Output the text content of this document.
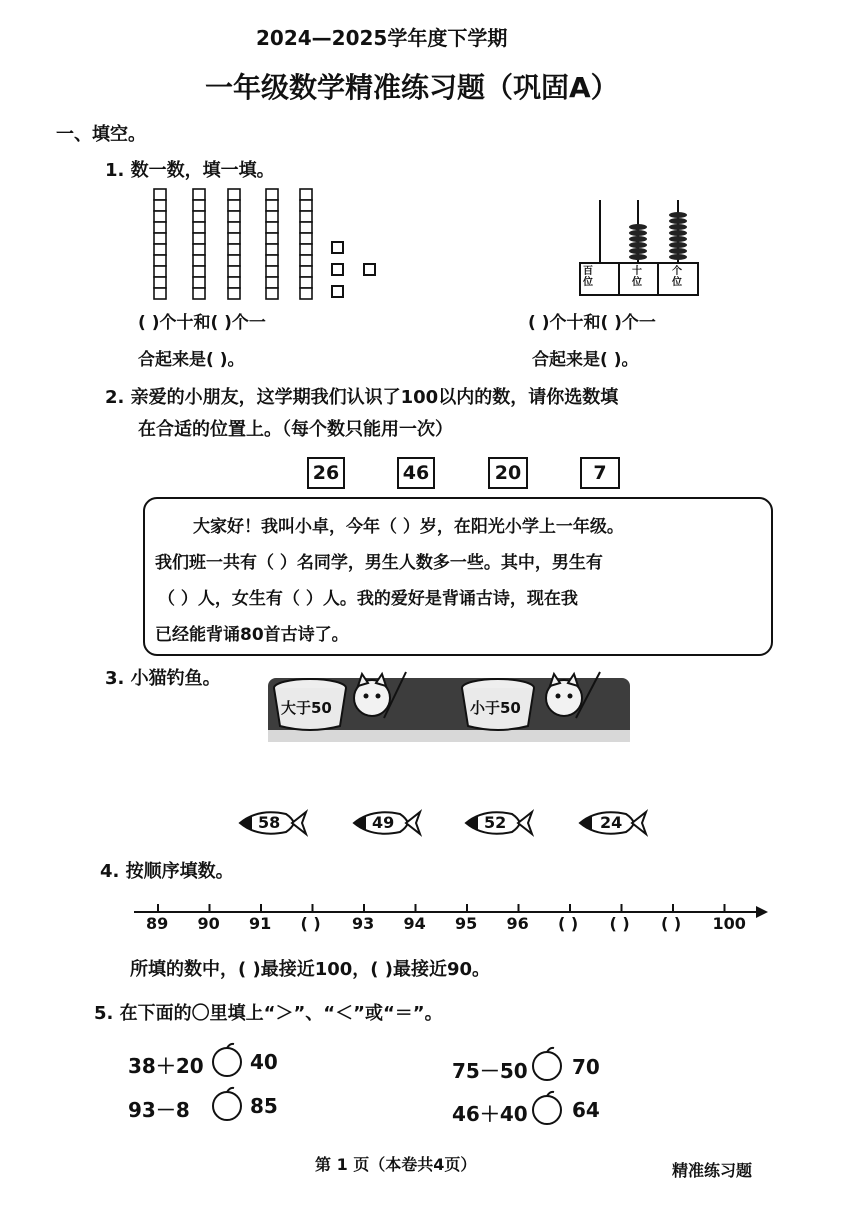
2024—2025学年度下学期
一年级数学精准练习题（巩固A）
一、填空。
1. 数一数，填一填。
( )个十和( )个一
合起来是( )。
百位
十位
个位
( )个十和( )个一
合起来是( )。
2. 亲爱的小朋友，这学期我们认识了100以内的数，请你选数填
在合适的位置上。（每个数只能用一次）
26	46	20	7
大家好！我叫小卓，今年（ ）岁，在阳光小学上一年级。
我们班一共有（ ）名同学，男生人数多一些。其中，男生有
（ ）人，女生有（ ）人。我的爱好是背诵古诗，现在我
已经能背诵80首古诗了。
3. 小猫钓鱼。
大于50	小于50
58	49	52	24
4. 按顺序填数。
89 90 91 ( ) 93 94 95 96 ( ) ( ) ( ) 100
所填的数中，( )最接近100，( )最接近90。
5. 在下面的〇里填上“＞”、“＜”或“＝”。
38＋20 40	75－50 70
93－8	85	46＋40 64
第 1 页（本卷共4页）	精准练习题
